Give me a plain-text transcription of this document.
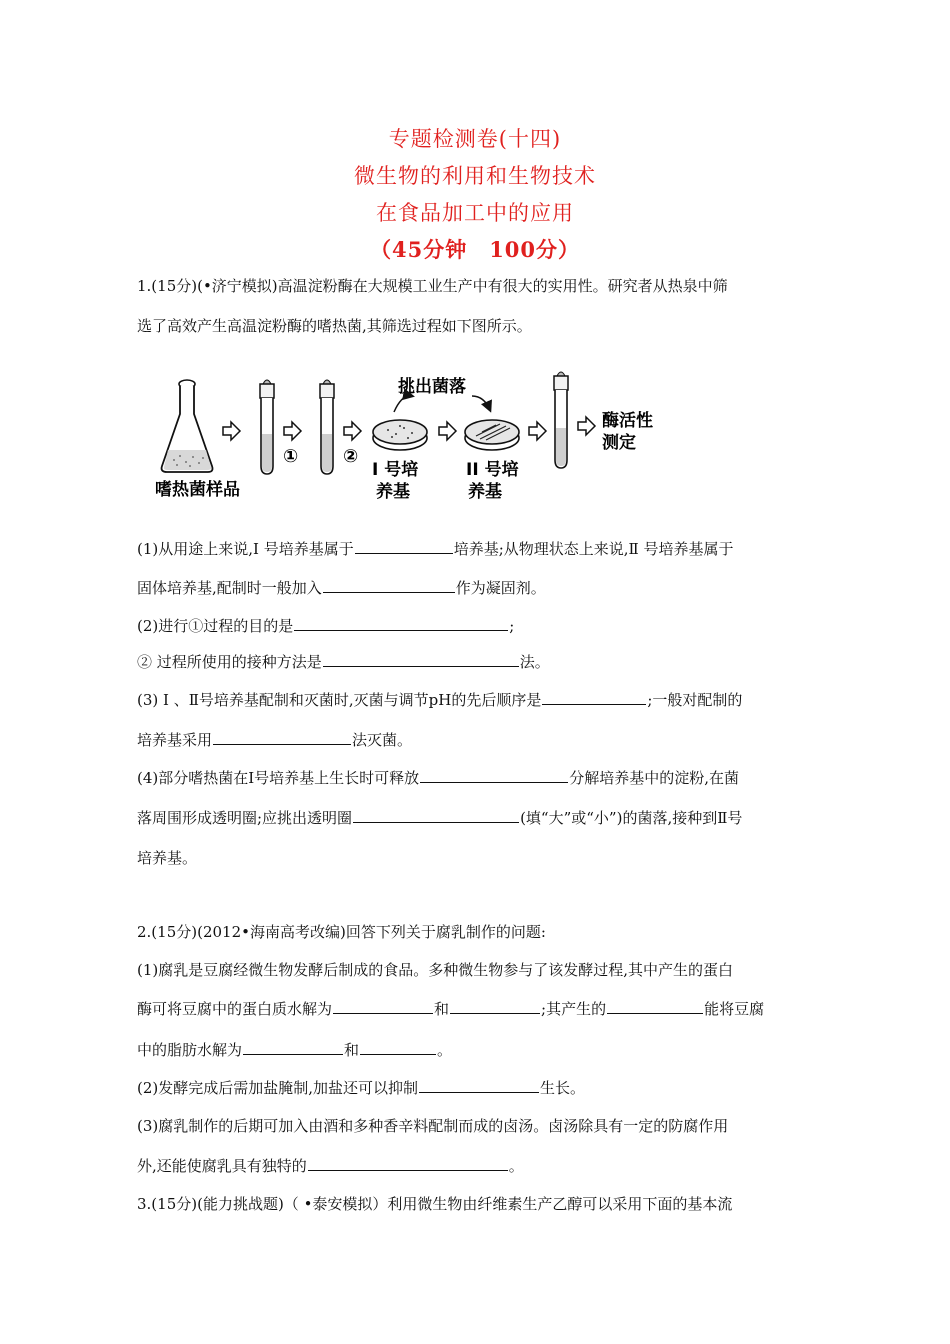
专题检测卷(十四)
微生物的利用和生物技术
在食品加工中的应用
（45分钟　100分）
1.(15分)(•济宁模拟)高温淀粉酶在大规模工业生产中有很大的实用性。研究者从热泉中筛
选了高效产生高温淀粉酶的嗜热菌,其筛选过程如下图所示。
嗜热菌样品
① ②
I 号培
养基
挑出菌落
II 号培
养基
酶活性
测定
(1)从用途上来说,Ⅰ 号培养基属于	培养基;从物理状态上来说,Ⅱ 号培养基属于
固体培养基,配制时一般加入	作为凝固剂。
(2)进行①过程的目的是	;
② 过程所使用的接种方法是	法。
(3) Ⅰ 、Ⅱ号培养基配制和灭菌时,灭菌与调节pH的先后顺序是	;一般对配制的
培养基采用	法灭菌。
(4)部分嗜热菌在Ⅰ号培养基上生长时可释放	分解培养基中的淀粉,在菌
落周围形成透明圈;应挑出透明圈	(填“大”或“小”)的菌落,接种到Ⅱ号
培养基。
2.(15分)(2012•海南高考改编)回答下列关于腐乳制作的问题:
(1)腐乳是豆腐经微生物发酵后制成的食品。多种微生物参与了该发酵过程,其中产生的蛋白
酶可将豆腐中的蛋白质水解为	和	;其产生的	能将豆腐
中的脂肪水解为	和	。
(2)发酵完成后需加盐腌制,加盐还可以抑制	生长。
(3)腐乳制作的后期可加入由酒和多种香辛料配制而成的卤汤。卤汤除具有一定的防腐作用
外,还能使腐乳具有独特的	。
3.(15分)(能力挑战题)（ •泰安模拟）利用微生物由纤维素生产乙醇可以采用下面的基本流
